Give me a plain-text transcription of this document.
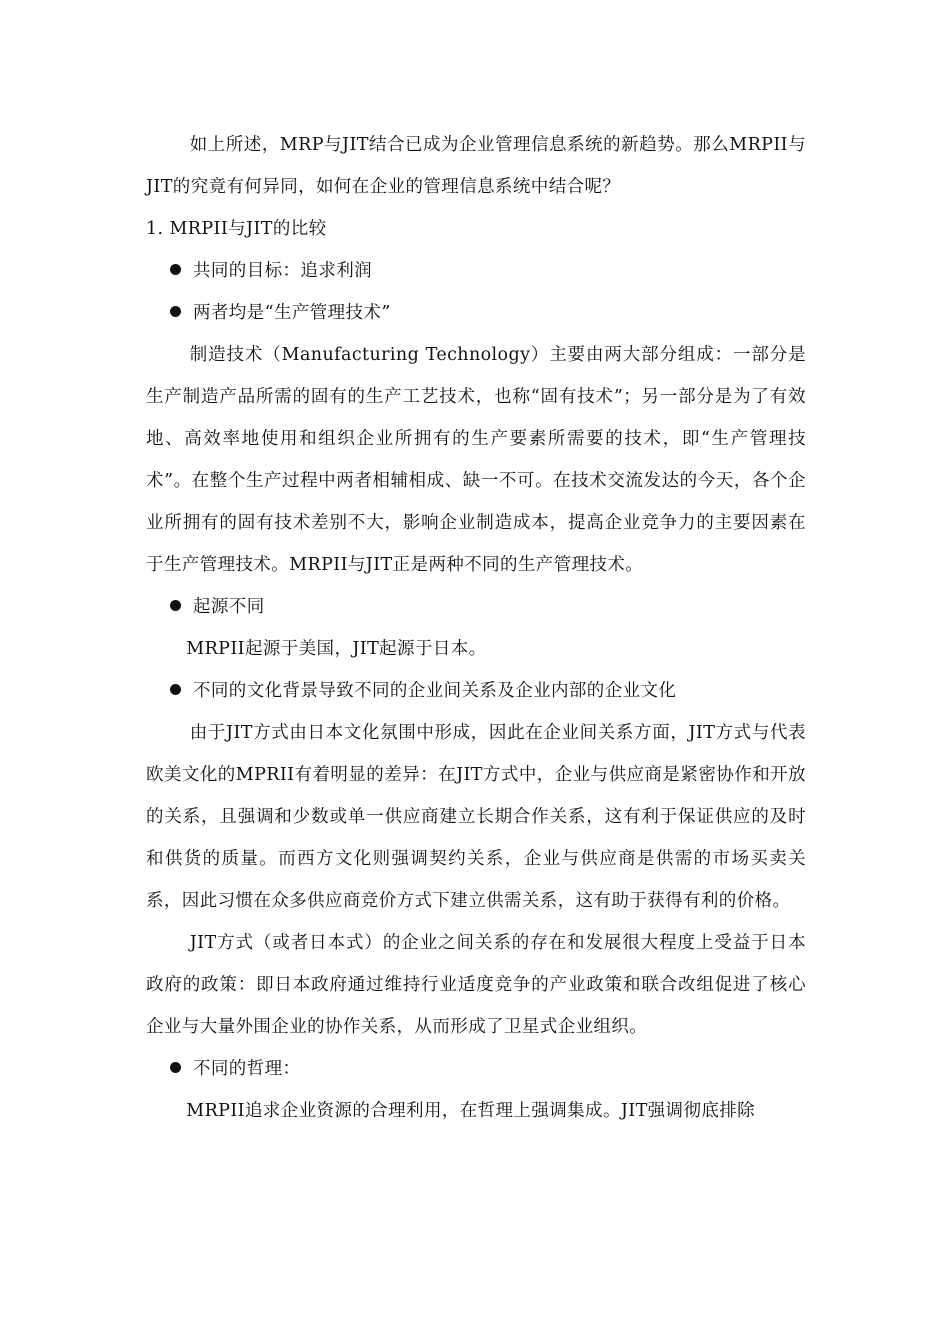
如上所述，MRP与JIT结合已成为企业管理信息系统的新趋势。那么MRPII与JIT的究竟有何异同，如何在企业的管理信息系统中结合呢？

1. MRPII与JIT的比较

共同的目标：追求利润

两者均是“生产管理技术”

制造技术（Manufacturing Technology）主要由两大部分组成：一部分是生产制造产品所需的固有的生产工艺技术，也称“固有技术”；另一部分是为了有效地、高效率地使用和组织企业所拥有的生产要素所需要的技术，即“生产管理技术”。在整个生产过程中两者相辅相成、缺一不可。在技术交流发达的今天，各个企业所拥有的固有技术差别不大，影响企业制造成本，提高企业竞争力的主要因素在于生产管理技术。MRPII与JIT正是两种不同的生产管理技术。

起源不同

MRPII起源于美国，JIT起源于日本。

不同的文化背景导致不同的企业间关系及企业内部的企业文化

由于JIT方式由日本文化氛围中形成，因此在企业间关系方面，JIT方式与代表欧美文化的MPRII有着明显的差异：在JIT方式中，企业与供应商是紧密协作和开放的关系，且强调和少数或单一供应商建立长期合作关系，这有利于保证供应的及时和供货的质量。而西方文化则强调契约关系，企业与供应商是供需的市场买卖关系，因此习惯在众多供应商竞价方式下建立供需关系，这有助于获得有利的价格。

JIT方式（或者日本式）的企业之间关系的存在和发展很大程度上受益于日本政府的政策：即日本政府通过维持行业适度竞争的产业政策和联合改组促进了核心企业与大量外围企业的协作关系，从而形成了卫星式企业组织。

不同的哲理：

MRPII追求企业资源的合理利用，在哲理上强调集成。JIT强调彻底排除
